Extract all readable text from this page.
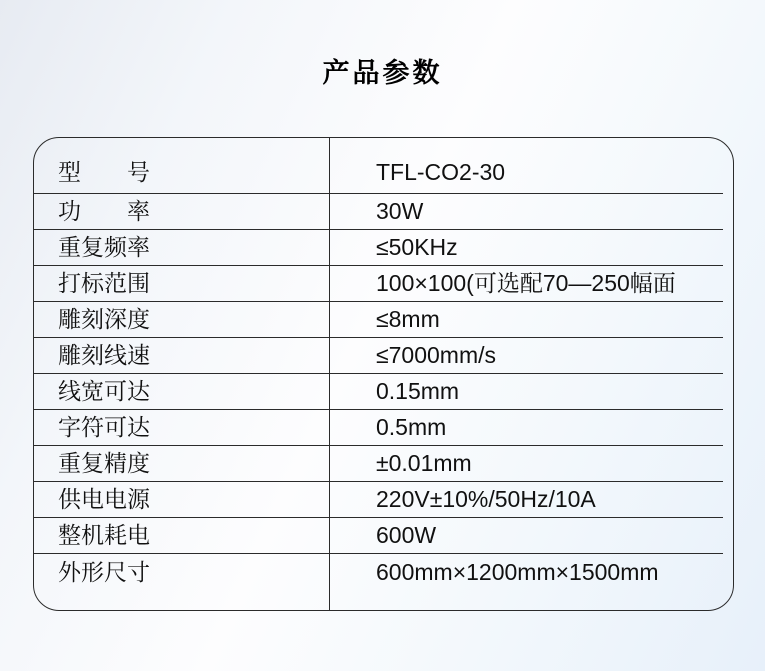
产品参数
型　　号	TFL-CO2-30
功　　率	30W
重复频率	≤50KHz
打标范围	100×100(可选配70—250幅面
雕刻深度	≤8mm
雕刻线速	≤7000mm/s
线宽可达	0.15mm
字符可达	0.5mm
重复精度	±0.01mm
供电电源	220V±10%/50Hz/10A
整机耗电	600W
外形尺寸	600mm×1200mm×1500mm
